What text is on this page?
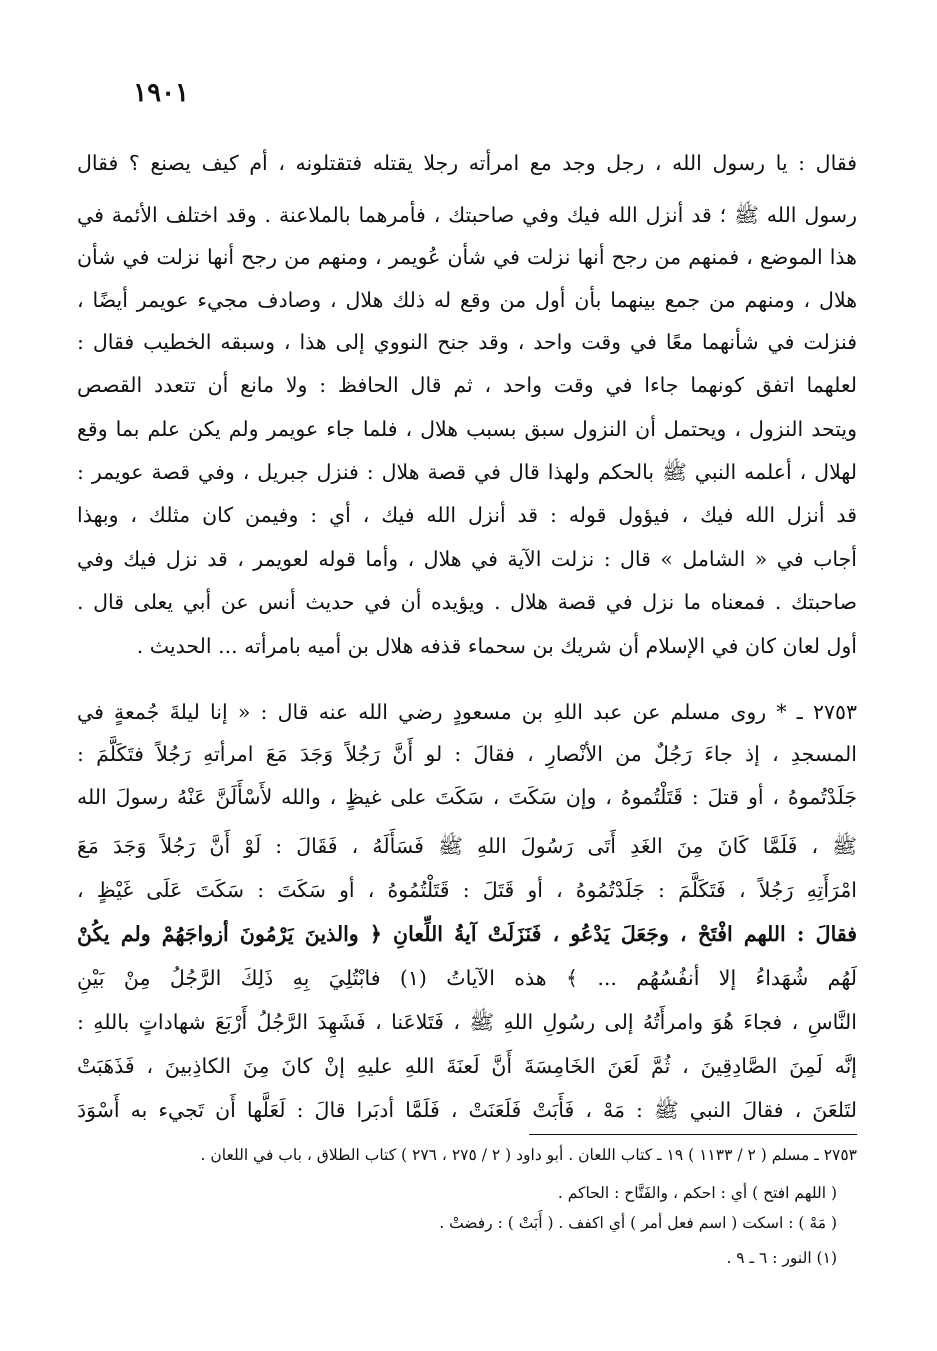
١٩٠١
فقال : يا رسول الله ، رجل وجد مع امرأته رجلا يقتله فتقتلونه ، أم كيف يصنع ؟ فقال
رسول الله ﷺ ؛ قد أنزل الله فيك وفي صاحبتك ، فأمرهما بالملاعنة . وقد اختلف الأئمة في
هذا الموضع ، فمنهم من رجح أنها نزلت في شأن عُويمر ، ومنهم من رجح أنها نزلت في شأن
هلال ، ومنهم من جمع بينهما بأن أول من وقع له ذلك هلال ، وصادف مجيء عويمر أيضًا ،
فنزلت في شأنهما معًا في وقت واحد ، وقد جنح النووي إلى هذا ، وسبقه الخطيب فقال :
لعلهما اتفق كونهما جاءا في وقت واحد ، ثم قال الحافظ : ولا مانع أن تتعدد القصص
ويتحد النزول ، ويحتمل أن النزول سبق بسبب هلال ، فلما جاء عويمر ولم يكن علم بما وقع
لهلال ، أعلمه النبي ﷺ بالحكم ولهذا قال في قصة هلال : فنزل جبريل ، وفي قصة عويمر :
قد أنزل الله فيك ، فيؤول قوله : قد أنزل الله فيك ، أي : وفيمن كان مثلك ، وبهذا
أجاب في « الشامل » قال : نزلت الآية في هلال ، وأما قوله لعويمر ، قد نزل فيك وفي
صاحبتك . فمعناه ما نزل في قصة هلال . ويؤيده أن في حديث أنس عن أبي يعلى قال .
أول لعان كان في الإسلام أن شريك بن سحماء قذفه هلال بن أميه بامرأته ... الحديث .
٢٧٥٣ ـ * روى مسلم عن عبد اللهِ بن مسعودٍ رضي الله عنه قال : « إنا ليلةَ جُمعةٍ في
المسجدِ ، إذ جاءَ رَجُلٌ من الأنْصارِ ، فقالَ : لو أَنَّ رَجُلاً وَجَدَ مَعَ امرأتهِ رَجُلاً فتَكَلَّمَ :
جَلَدْتُموهُ ، أو قتلَ : قَتَلْتُموهُ ، وإن سَكَتَ ، سَكَتَ على غيظٍ ، والله لأَسْأَلَنَّ عَنْهُ رسولَ الله
ﷺ ، فَلَمَّا كَانَ مِنَ الغَدِ أَتَى رَسُولَ اللهِ ﷺ فَسَأَلَهُ ، فَقَالَ : لَوْ أَنَّ رَجُلاً وَجَدَ مَعَ
امْرَأَتِهِ رَجُلاً ، فَتَكَلَّمَ : جَلَدْتُمُوهُ ، أو قَتَلَ : قَتَلْتُمُوهُ ، أو سَكَتَ : سَكَتَ عَلَى غَيْظٍ ،
فقالَ : اللهم افْتَحْ ، وجَعَلَ يَدْعُو ، فَنَزَلَتْ آيةُ اللِّعانِ ﴿ والذينَ يَرْمُونَ أزواجَهُمْ ولم يكُنْ
لَهُم شُهَداءُ إلا أنفُسُهُم ... ﴾ هذه الآياتُ (١) فابْتُلِيَ بِهِ ذَلِكَ الرَّجُلُ مِنْ بَيْنِ
النَّاسِ ، فجاءَ هُوَ وامرأَتُهُ إلى رسُولِ اللهِ ﷺ ، فَتَلاعَنا ، فَشَهِدَ الرَّجُلُ أَرْبَعَ شهاداتٍ باللهِ :
إنَّه لَمِنَ الصَّادِقِينَ ، ثُمَّ لَعَنَ الخَامِسَةَ أَنَّ لَعنَةَ اللهِ عليهِ إنْ كانَ مِنَ الكاذِبينَ ، فَذَهَبَتْ
لتَلعَنَ ، فقالَ النبي ﷺ : مَهْ ، فَأَبَتْ فَلَعَنَتْ ، فَلَمَّا أدبَرا قالَ : لَعَلَّها أَن تَجيء به أَسْوَدَ
٢٧٥٣ ـ مسلم ( ٢ / ١١٣٣ ) ١٩ ـ كتاب اللعان . أبو داود ( ٢ / ٢٧٥ ، ٢٧٦ ) كتاب الطلاق ، باب في اللعان .
( اللهم افتح ) أي : احكم ، والفَتَّاح : الحاكم .
( مَهْ ) : اسكت ( اسم فعل أمر ) أي اكفف . ( أَبَتْ ) : رفضتْ .
(١) النور : ٦ ـ ٩ .
